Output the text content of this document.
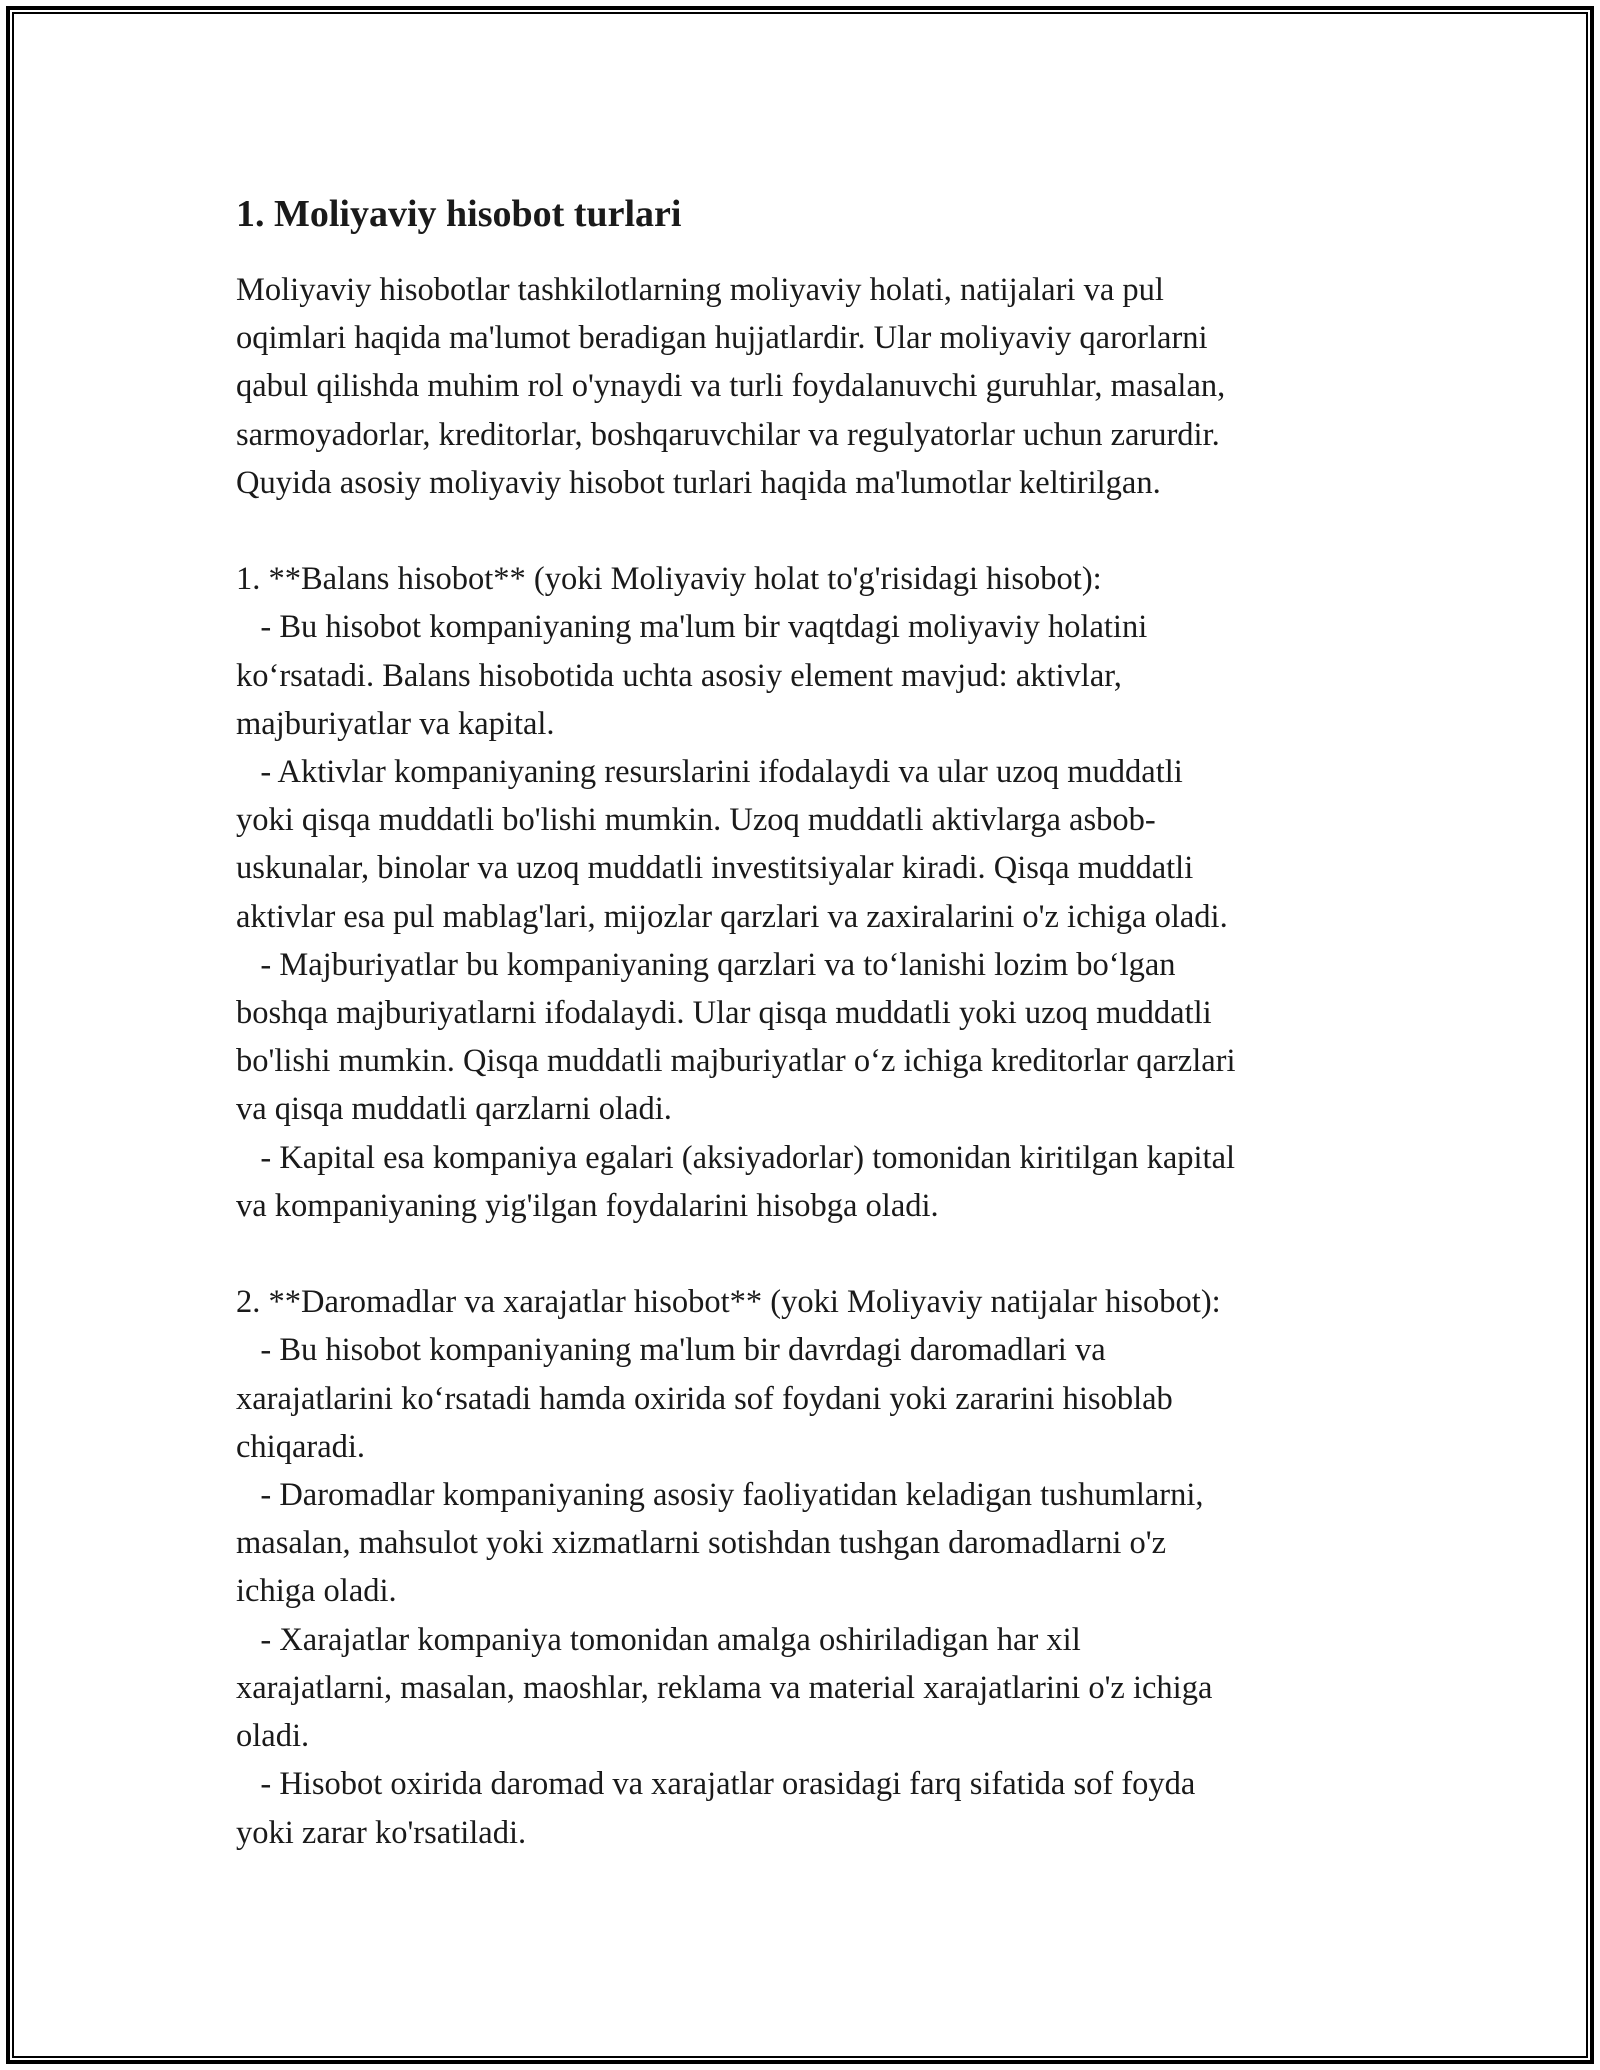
1. Moliyaviy hisobot turlari

Moliyaviy hisobotlar tashkilotlarning moliyaviy holati, natijalari va pul
oqimlari haqida ma'lumot beradigan hujjatlardir. Ular moliyaviy qarorlarni
qabul qilishda muhim rol o'ynaydi va turli foydalanuvchi guruhlar, masalan,
sarmoyadorlar, kreditorlar, boshqaruvchilar va regulyatorlar uchun zarurdir.
Quyida asosiy moliyaviy hisobot turlari haqida ma'lumotlar keltirilgan.

1. **Balans hisobot** (yoki Moliyaviy holat to'g'risidagi hisobot):
- Bu hisobot kompaniyaning ma'lum bir vaqtdagi moliyaviy holatini
ko‘rsatadi. Balans hisobotida uchta asosiy element mavjud: aktivlar,
majburiyatlar va kapital.
- Aktivlar kompaniyaning resurslarini ifodalaydi va ular uzoq muddatli
yoki qisqa muddatli bo'lishi mumkin. Uzoq muddatli aktivlarga asbob-
uskunalar, binolar va uzoq muddatli investitsiyalar kiradi. Qisqa muddatli
aktivlar esa pul mablag'lari, mijozlar qarzlari va zaxiralarini o'z ichiga oladi.
- Majburiyatlar bu kompaniyaning qarzlari va to‘lanishi lozim bo‘lgan
boshqa majburiyatlarni ifodalaydi. Ular qisqa muddatli yoki uzoq muddatli
bo'lishi mumkin. Qisqa muddatli majburiyatlar o‘z ichiga kreditorlar qarzlari
va qisqa muddatli qarzlarni oladi.
- Kapital esa kompaniya egalari (aksiyadorlar) tomonidan kiritilgan kapital
va kompaniyaning yig'ilgan foydalarini hisobga oladi.

2. **Daromadlar va xarajatlar hisobot** (yoki Moliyaviy natijalar hisobot):
- Bu hisobot kompaniyaning ma'lum bir davrdagi daromadlari va
xarajatlarini ko‘rsatadi hamda oxirida sof foydani yoki zararini hisoblab
chiqaradi.
- Daromadlar kompaniyaning asosiy faoliyatidan keladigan tushumlarni,
masalan, mahsulot yoki xizmatlarni sotishdan tushgan daromadlarni o'z
ichiga oladi.
- Xarajatlar kompaniya tomonidan amalga oshiriladigan har xil
xarajatlarni, masalan, maoshlar, reklama va material xarajatlarini o'z ichiga
oladi.
- Hisobot oxirida daromad va xarajatlar orasidagi farq sifatida sof foyda
yoki zarar ko'rsatiladi.
